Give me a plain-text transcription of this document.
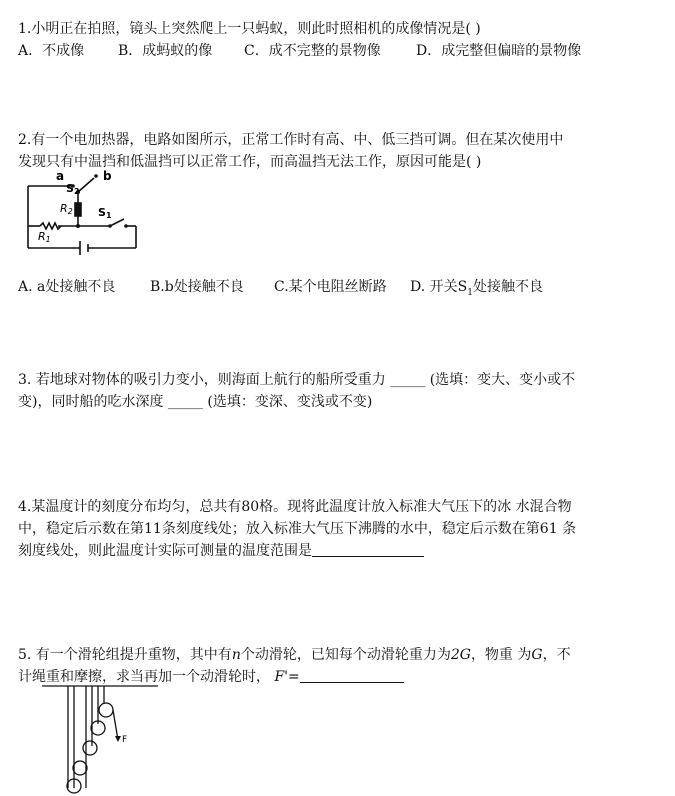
1.小明正在拍照，镜头上突然爬上一只蚂蚁，则此时照相机的成像情况是( )
A．不成像 B．成蚂蚁的像 C．成不完整的景物像	D．成完整但偏暗的景物像
2.有一个电加热器，电路如图所示，正常工作时有高、中、低三挡可调。但在某次使用中
发现只有中温挡和低温挡可以正常工作，而高温挡无法工作，原因可能是( )
a	b
S2
R2 S1
R1
A. a处接触不良 B.b处接触不良 C.某个电阻丝断路 D. 开关$S_1$处接触不良
3. 若地球对物体的吸引力变小，则海面上航行的船所受重力 _____ (选填：变大、变小或不
变)，同时船的吃水深度 _____ (选填：变深、变浅或不变)
4.某温度计的刻度分布均匀，总共有80格。现将此温度计放入标准大气压下的冰 水混合物
中，稳定后示数在第11条刻度线处；放入标准大气压下沸腾的水中，稳定后示数在第61 条
刻度线处，则此温度计实际可测量的温度范围是
5. 有一个滑轮组提升重物，其中有n个动滑轮，已知每个动滑轮重力为2G，物重 为G，不
计绳重和摩擦，求当再加一个动滑轮时， F'=
F
